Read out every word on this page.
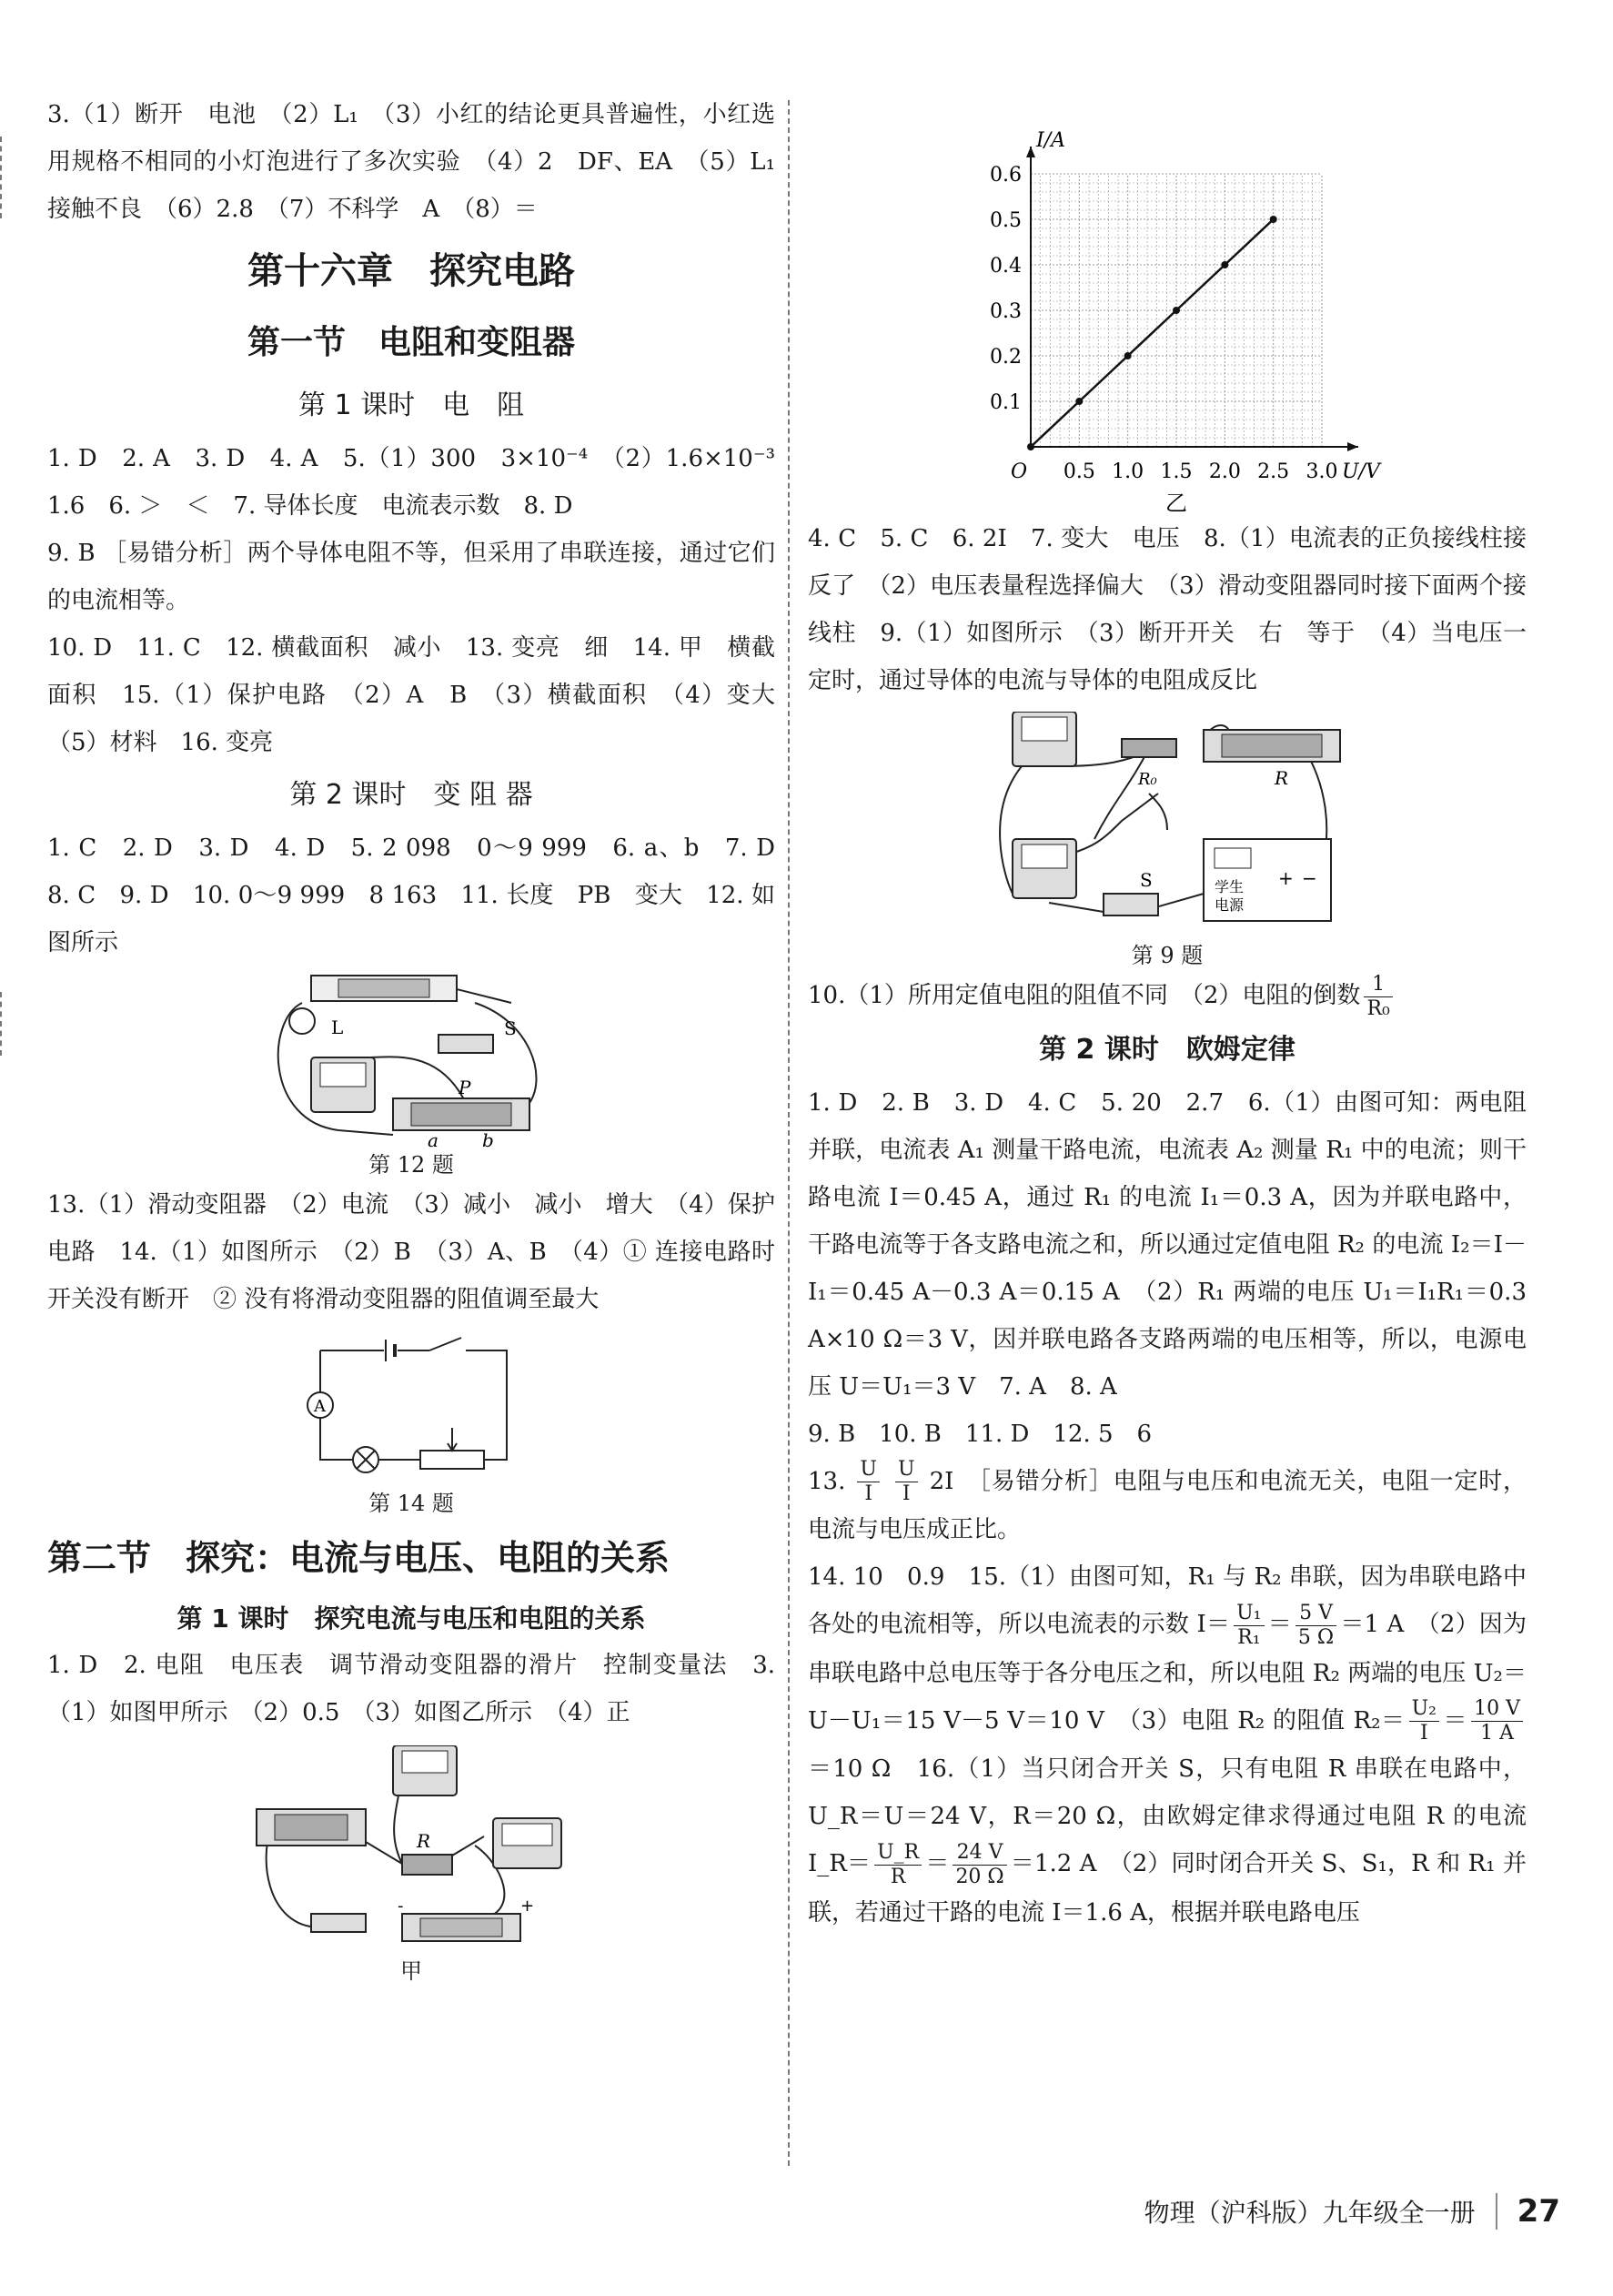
3.（1）断开　电池　（2）L₁　（3）小红的结论更具普遍性，小红选用规格不相同的小灯泡进行了多次实验　（4）2　DF、EA　（5）L₁ 接触不良　（6）2.8　（7）不科学　A　（8）＝

第十六章　探究电路
第一节　电阻和变阻器
第 1 课时　电　阻

1. D　2. A　3. D　4. A　5.（1）300　3×10⁻⁴　（2）1.6×10⁻³　1.6　6. ＞　＜　7. 导体长度　电流表示数　8. D

9. B ［易错分析］两个导体电阻不等，但采用了串联连接，通过它们的电流相等。

10. D　11. C　12. 横截面积　减小　13. 变亮　细　14. 甲　横截面积　15.（1）保护电路　（2）A　B　（3）横截面积　（4）变大　（5）材料　16. 变亮

第 2 课时　变 阻 器

1. C　2. D　3. D　4. D　5. 2 098　0～9 999　6. a、b　7. D　8. C　9. D　10. 0～9 999　8 163　11. 长度　PB　变大　12. 如图所示

L	S
P
a b
第 12 题

13.（1）滑动变阻器　（2）电流　（3）减小　减小　增大　（4）保护电路　14.（1）如图所示　（2）B　（3）A、B　（4）① 连接电路时开关没有断开　② 没有将滑动变阻器的阻值调至最大

A
第 14 题
第二节　探究：电流与电压、电阻的关系
第 1 课时　探究电流与电压和电阻的关系

1. D　2. 电阻　电压表　调节滑动变阻器的滑片　控制变量法　3.（1）如图甲所示　（2）0.5　（3）如图乙所示　（4）正

R
-	+
甲
0.5 1.0 1.5 2.0 2.5 3.0
0.1
0.2
0.3
0.4
0.5
0.6
O	U/V
I/A
乙

4. C　5. C　6. 2I　7. 变大　电压　8.（1）电流表的正负接线柱接反了　（2）电压表量程选择偏大　（3）滑动变阻器同时接下面两个接线柱　9.（1）如图所示　（3）断开开关　右　等于　（4）当电压一定时，通过导体的电流与导体的电阻成反比

R₀	R
S	学生
电源
+ −
第 9 题

10.（1）所用定值电阻的阻值不同　（2）电阻的倒数 $\frac{1}{\text{R₀}}$

第 2 课时　欧姆定律

1. D　2. B　3. D　4. C　5. 20　2.7　6.（1）由图可知：两电阻并联，电流表 A₁ 测量干路电流，电流表 A₂ 测量 R₁ 中的电流；则干路电流 I＝0.45 A，通过 R₁ 的电流 I₁＝0.3 A，因为并联电路中，干路电流等于各支路电流之和，所以通过定值电阻 R₂ 的电流 I₂＝I－I₁＝0.45 A－0.3 A＝0.15 A　（2）R₁ 两端的电压 U₁＝I₁R₁＝0.3 A×10 Ω＝3 V，因并联电路各支路两端的电压相等，所以，电源电压 U＝U₁＝3 V　7. A　8. A

9. B　10. B　11. D　12. 5　6

13. $\frac{U}{I}$
$\frac{U}{I} 2I$　［易错分析］电阻与电压和电流无关，电阻一定时，电流与电压成正比。

14. 10　0.9　15.（1）由图可知，R₁ 与 R₂ 串联，因为串联电路中各处的电流相等，所以电流表的示数 $I= \frac{\text{U₁}}{\text{R₁}} = \frac{5 V}{5 \Omega} =1$ A　（2）因为串联电路中总电压等于各分电压之和，所以电阻 R₂ 两端的电压 U₂＝U－U₁＝15 V－5 V＝10 V　（3）电阻 R₂ 的阻值 $R_2= \frac{\text{U₂}}{I} = \frac{10 V}{1 A}$
＝10 Ω　16.（1）当只闭合开关 S，只有电阻 R 串联在电路中，U_R＝U＝24 V，R＝20 Ω，由欧姆定律求得通过电阻 R 的电流 I_R＝ $\frac{U\_R}{R} = \frac{24 V}{20 \Omega} =1.2$ A　（2）同时闭合开关 S、S₁，R 和 R₁ 并联，若通过干路的电流 I＝1.6 A，根据并联电路电压

物理（沪科版）九年级全一册 27
